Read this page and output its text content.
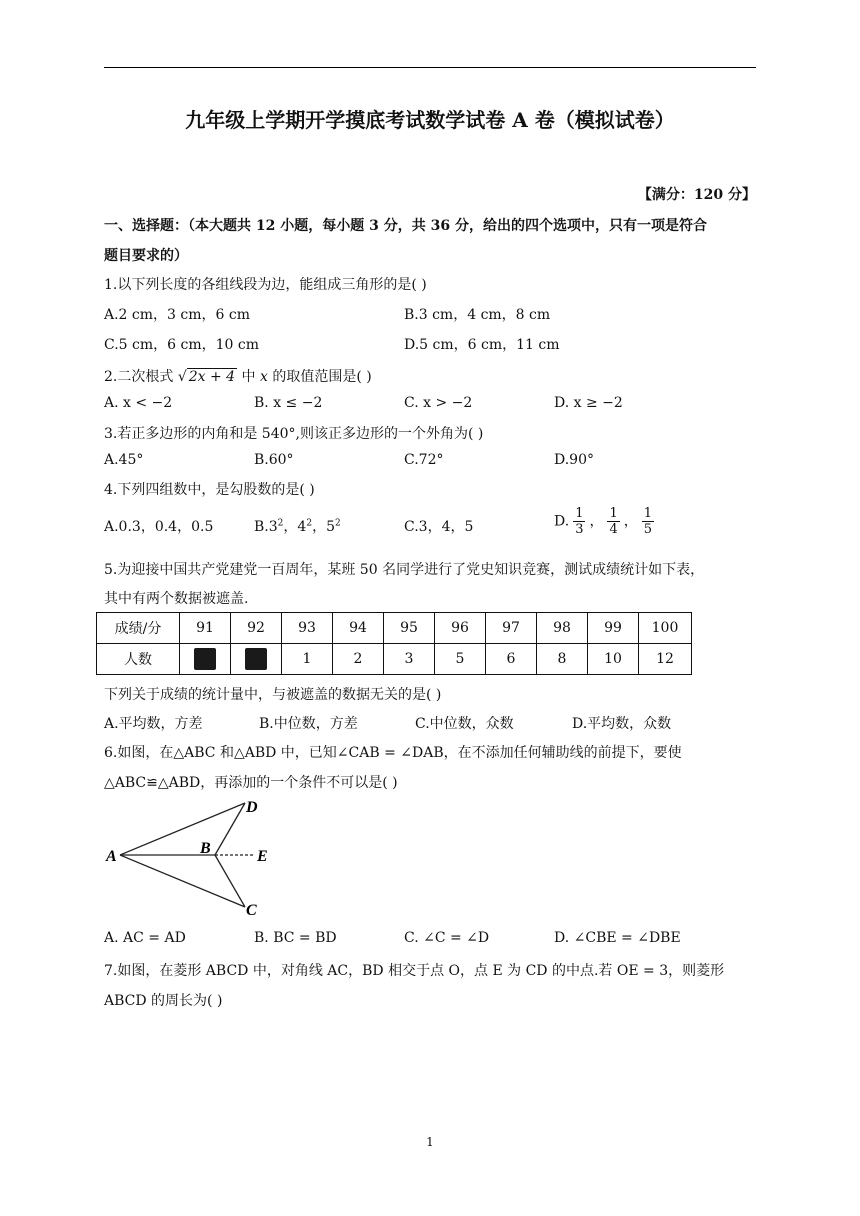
九年级上学期开学摸底考试数学试卷 A 卷（模拟试卷）
【满分：120 分】
一、选择题：（本大题共 12 小题，每小题 3 分，共 36 分，给出的四个选项中，只有一项是符合
题目要求的）
1.以下列长度的各组线段为边，能组成三角形的是( )
A.2 cm，3 cm，6 cm	B.3 cm，4 cm，8 cm
C.5 cm，6 cm，10 cm	D.5 cm，6 cm，11 cm
2.二次根式 √ 2x + 4 中 x 的取值范围是( )
A. x < −2	B. x ≤ −2	C. x > −2	D. x ≥ −2
3.若正多边形的内角和是 540°,则该正多边形的一个外角为( )
A.45°	B.60°	C.72°	D.90°
4.下列四组数中，是勾股数的是( )
A.0.3，0.4，0.5	$B.3^2$，$4^2$，$5^2$	C.3，4，5	D. $\frac{1}{3}$ ， $\frac{1}{4}$ ， $\frac{1}{5}$
5.为迎接中国共产党建党一百周年，某班 50 名同学进行了党史知识竞赛，测试成绩统计如下表，
其中有两个数据被遮盖.
成绩/分	91	92	93	94	95	96	97	98	99	100
人数			1	2	3	5	6	8	10	12
下列关于成绩的统计量中，与被遮盖的数据无关的是( )
A.平均数，方差	B.中位数，方差	C.中位数，众数	D.平均数，众数
6.如图，在△ABC 和△ABD 中，已知∠CAB = ∠DAB，在不添加任何辅助线的前提下，要使
△ABC≌△ABD，再添加的一个条件不可以是( )
A	B
D
C
E
A. AC = AD	B. BC = BD	C. ∠C = ∠D	D. ∠CBE = ∠DBE
7.如图，在菱形 ABCD 中，对角线 AC，BD 相交于点 O，点 E 为 CD 的中点.若 OE = 3，则菱形
ABCD 的周长为( )
1
